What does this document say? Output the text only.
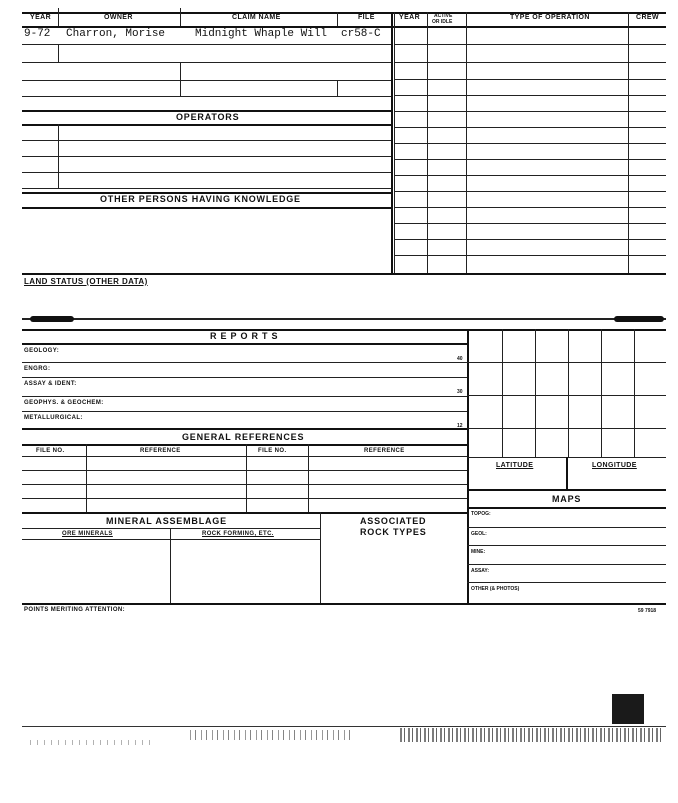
YEAR	OWNER	CLAIM NAME	FILE	YEAR	ACTIVE
OR IDLE
TYPE OF OPERATION	CREW
9-72 Charron, Morise	Midnight Whaple Will cr58-C
OPERATORS
OTHER PERSONS HAVING KNOWLEDGE
LAND STATUS (OTHER DATA)
REPORTS
GEOLOGY:
40
ENGRG:
ASSAY & IDENT:
30
GEOPHYS. & GEOCHEM:
METALLURGICAL:
12
GENERAL REFERENCES
FILE NO.	REFERENCE	FILE NO.	REFERENCE
MINERAL ASSEMBLAGE	ASSOCIATED
ROCK TYPES
ORE MINERALS	ROCK FORMING, ETC.
LATITUDE	LONGITUDE
MAPS
TOPOG:
GEOL:
MINE:
ASSAY:
OTHER (& PHOTOS)
POINTS MERITING ATTENTION:	59 7918
